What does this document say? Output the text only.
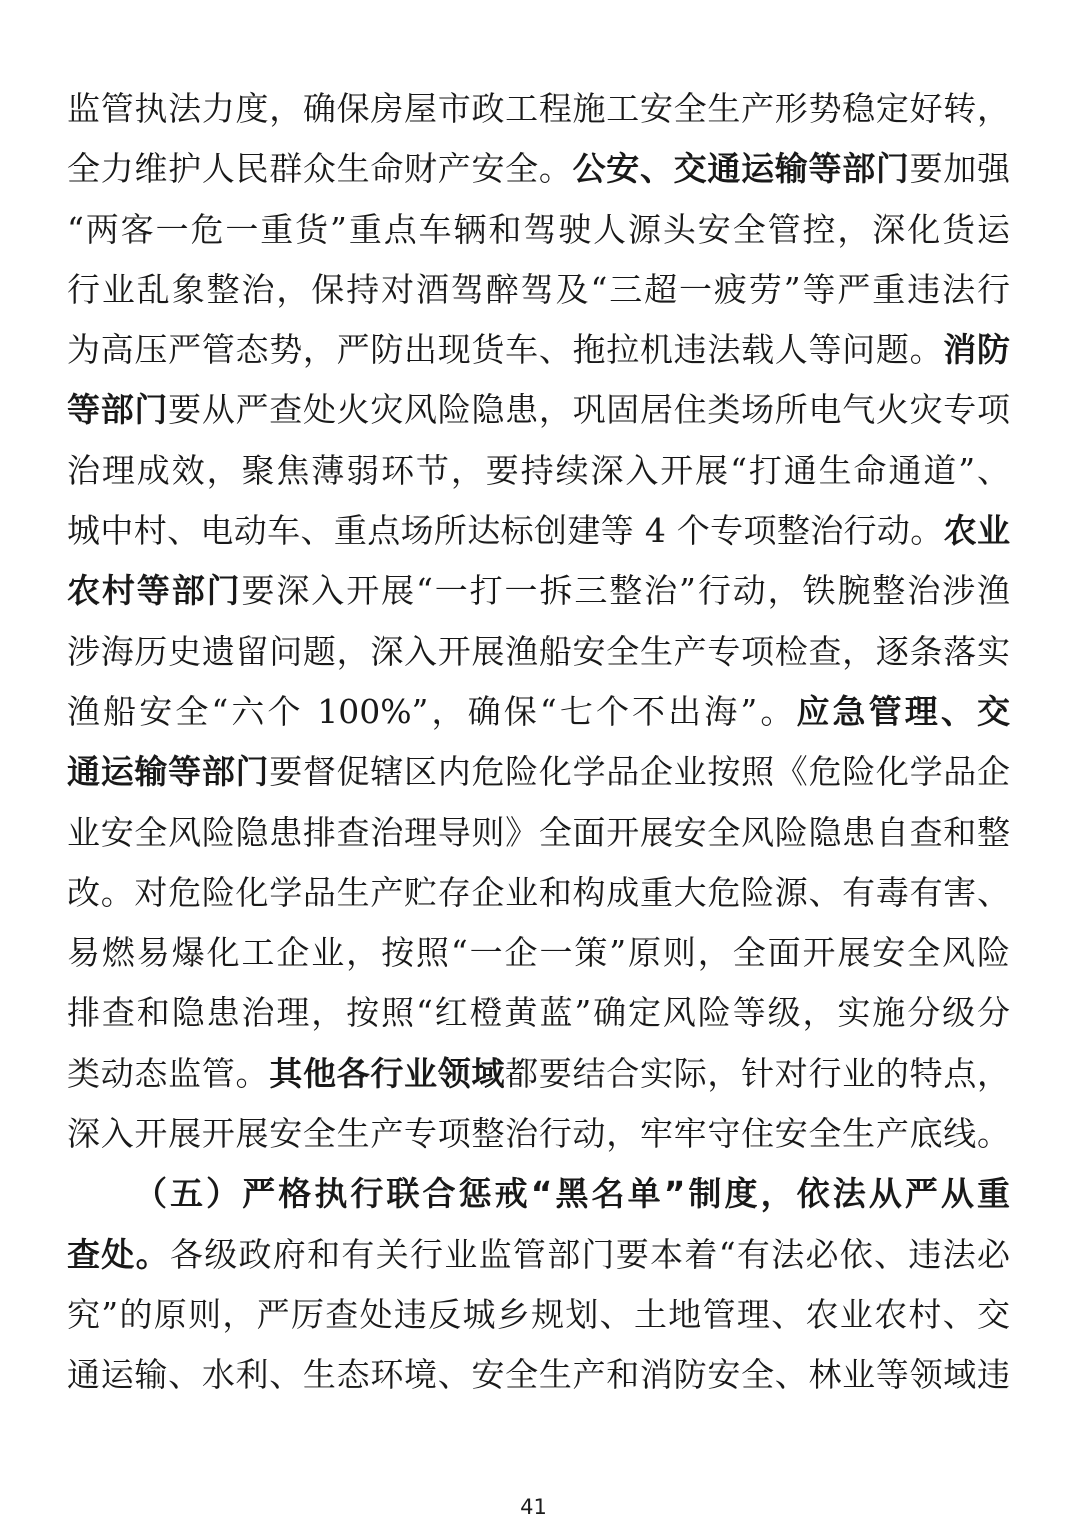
监管执法力度，确保房屋市政工程施工安全生产形势稳定好转，
全力维护人民群众生命财产安全。公安、交通运输等部门要加强
“两客一危一重货”重点车辆和驾驶人源头安全管控，深化货运
行业乱象整治，保持对酒驾醉驾及“三超一疲劳”等严重违法行
为高压严管态势，严防出现货车、拖拉机违法载人等问题。消防
等部门要从严查处火灾风险隐患，巩固居住类场所电气火灾专项
治理成效，聚焦薄弱环节，要持续深入开展“打通生命通道”、
城中村、电动车、重点场所达标创建等 4 个专项整治行动。农业
农村等部门要深入开展“一打一拆三整治”行动，铁腕整治涉渔
涉海历史遗留问题，深入开展渔船安全生产专项检查，逐条落实
渔船安全“六个 100%”，确保“七个不出海”。应急管理、交
通运输等部门要督促辖区内危险化学品企业按照《危险化学品企
业安全风险隐患排查治理导则》全面开展安全风险隐患自查和整
改。对危险化学品生产贮存企业和构成重大危险源、有毒有害、
易燃易爆化工企业，按照“一企一策”原则，全面开展安全风险
排查和隐患治理，按照“红橙黄蓝”确定风险等级，实施分级分
类动态监管。其他各行业领域都要结合实际，针对行业的特点，
深入开展开展安全生产专项整治行动，牢牢守住安全生产底线。
（五）严格执行联合惩戒“黑名单”制度，依法从严从重
查处。各级政府和有关行业监管部门要本着“有法必依、违法必
究”的原则，严厉查处违反城乡规划、土地管理、农业农村、交
通运输、水利、生态环境、安全生产和消防安全、林业等领域违
41
